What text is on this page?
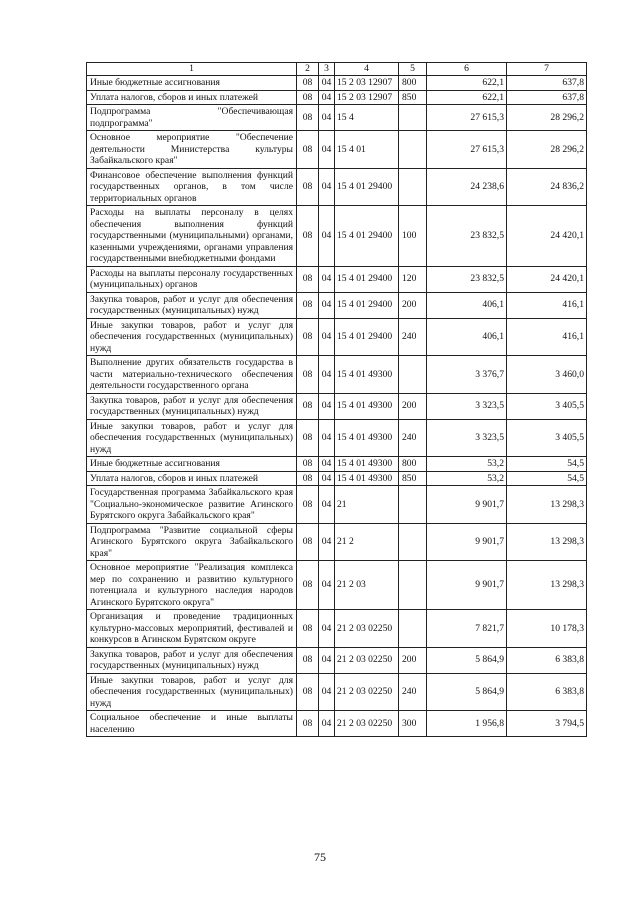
1	2	3	4	5	6	7
Иные бюджетные ассигнования	08	04	15 2 03 12907	800	622,1	637,8
Уплата налогов, сборов и иных платежей	08	04	15 2 03 12907	850	622,1	637,8
Подпрограмма "Обеспечивающая подпрограмма"	08	04	15 4		27 615,3	28 296,2
Основное мероприятие "Обеспечение деятельности Министерства культуры Забайкальского края"	08	04	15 4 01		27 615,3	28 296,2
Финансовое обеспечение выполнения функций государственных органов, в том числе территориальных органов	08	04	15 4 01 29400		24 238,6	24 836,2
Расходы на выплаты персоналу в целях обеспечения выполнения функций государственными (муниципальными) органами, казенными учреждениями, органами управления государственными внебюджетными фондами	08	04	15 4 01 29400	100	23 832,5	24 420,1
Расходы на выплаты персоналу государственных (муниципальных) органов	08	04	15 4 01 29400	120	23 832,5	24 420,1
Закупка товаров, работ и услуг для обеспечения государственных (муниципальных) нужд	08	04	15 4 01 29400	200	406,1	416,1
Иные закупки товаров, работ и услуг для обеспечения государственных (муниципальных) нужд	08	04	15 4 01 29400	240	406,1	416,1
Выполнение других обязательств государства в части материально-технического обеспечения деятельности государственного органа	08	04	15 4 01 49300		3 376,7	3 460,0
Закупка товаров, работ и услуг для обеспечения государственных (муниципальных) нужд	08	04	15 4 01 49300	200	3 323,5	3 405,5
Иные закупки товаров, работ и услуг для обеспечения государственных (муниципальных) нужд	08	04	15 4 01 49300	240	3 323,5	3 405,5
Иные бюджетные ассигнования	08	04	15 4 01 49300	800	53,2	54,5
Уплата налогов, сборов и иных платежей	08	04	15 4 01 49300	850	53,2	54,5
Государственная программа Забайкальского края "Социально-экономическое развитие Агинского Бурятского округа Забайкальского края"	08	04	21		9 901,7	13 298,3
Подпрограмма "Развитие социальной сферы Агинского Бурятского округа Забайкальского края"	08	04	21 2		9 901,7	13 298,3
Основное мероприятие "Реализация комплекса мер по сохранению и развитию культурного потенциала и культурного наследия народов Агинского Бурятского округа"	08	04	21 2 03		9 901,7	13 298,3
Организация и проведение традиционных культурно-массовых мероприятий, фестивалей и конкурсов в Агинском Бурятском округе	08	04	21 2 03 02250		7 821,7	10 178,3
Закупка товаров, работ и услуг для обеспечения государственных (муниципальных) нужд	08	04	21 2 03 02250	200	5 864,9	6 383,8
Иные закупки товаров, работ и услуг для обеспечения государственных (муниципальных) нужд	08	04	21 2 03 02250	240	5 864,9	6 383,8
Социальное обеспечение и иные выплаты населению	08	04	21 2 03 02250	300	1 956,8	3 794,5
75
